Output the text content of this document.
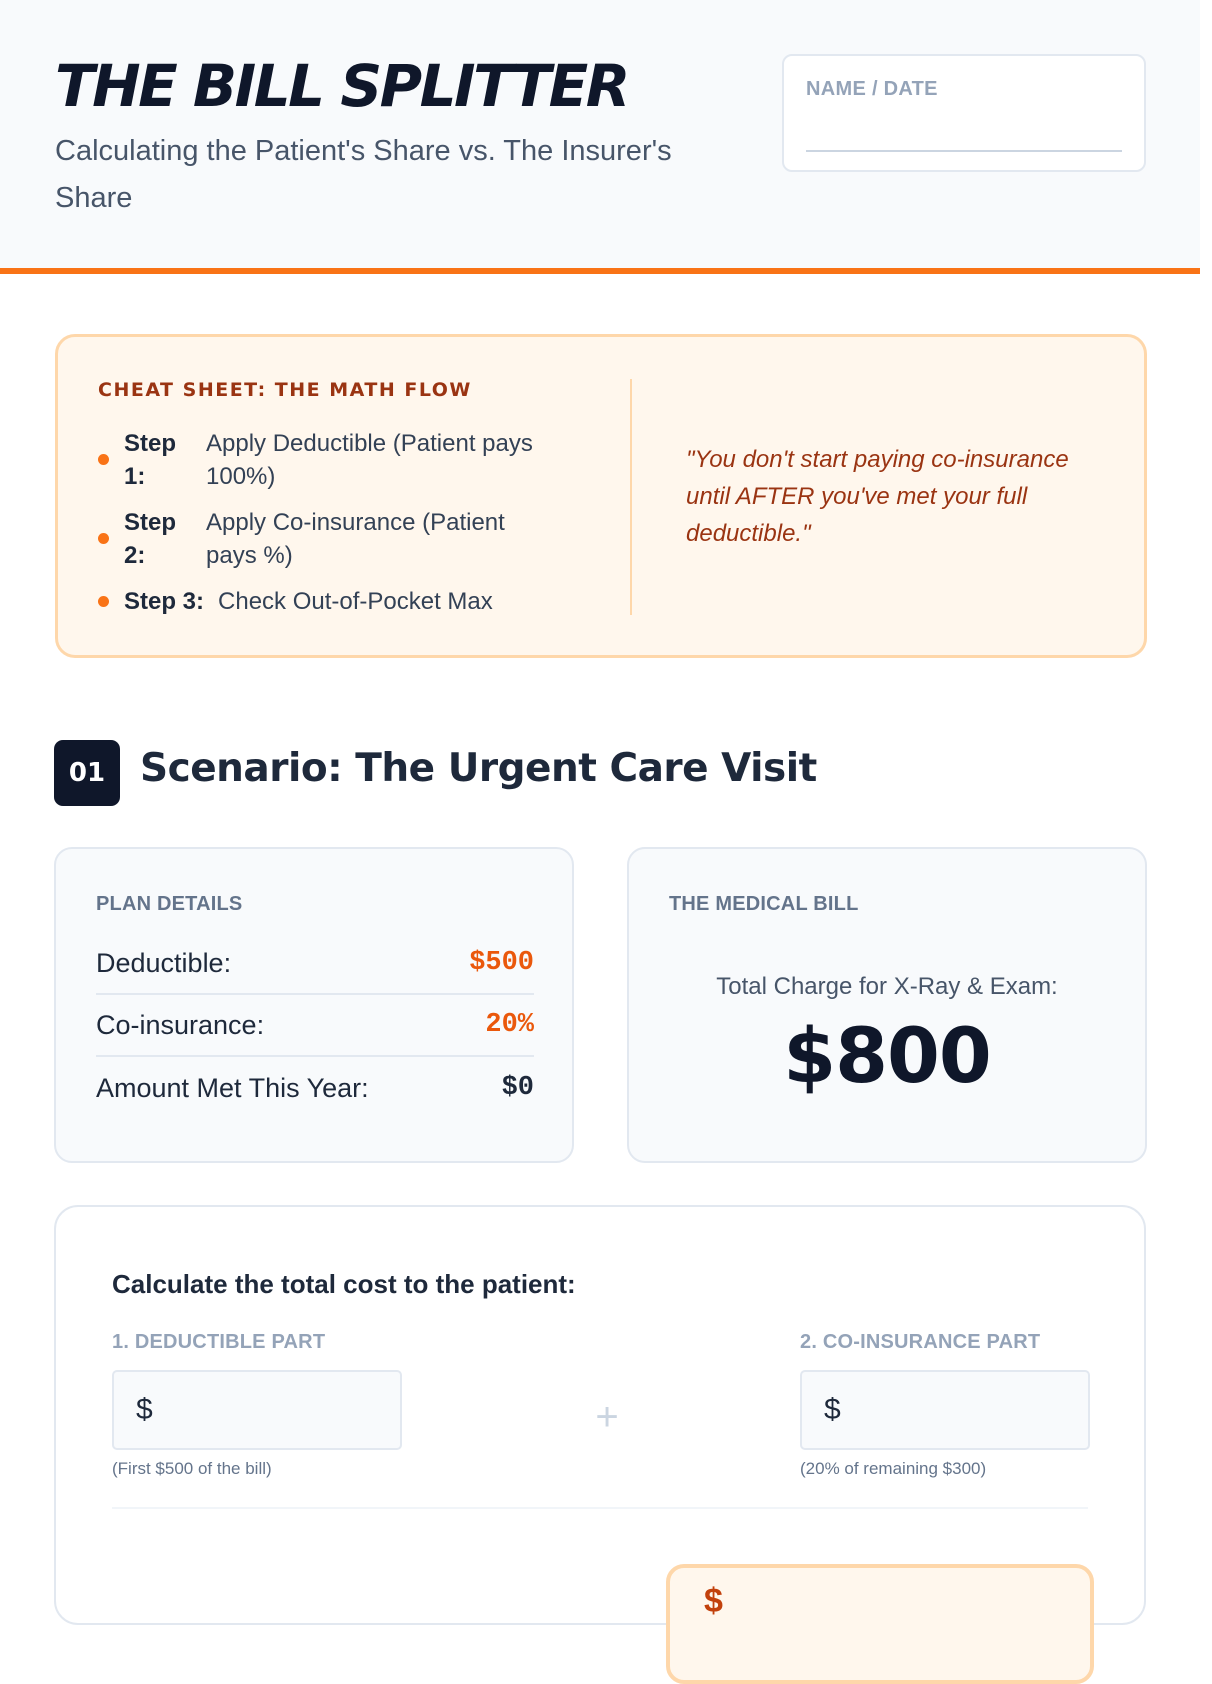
THE BILL SPLITTER
Calculating the Patient's Share vs. The Insurer's Share
NAME / DATE
CHEAT SHEET: THE MATH FLOW
Step 1:
Apply Deductible (Patient pays 100%)
Step 2:
Apply Co-insurance (Patient pays %)
Step 3: Check Out-of-Pocket Max
"You don't start paying co-insurance until AFTER you've met your full deductible."
01 Scenario: The Urgent Care Visit
PLAN DETAILS
Deductible:	$500
Co-insurance:	20%
Amount Met This Year:	$0
THE MEDICAL BILL
Total Charge for X-Ray & Exam:
$800
Calculate the total cost to the patient:
1. DEDUCTIBLE PART
$
(First $500 of the bill)
+
2. CO-INSURANCE PART
$
(20% of remaining $300)
$
